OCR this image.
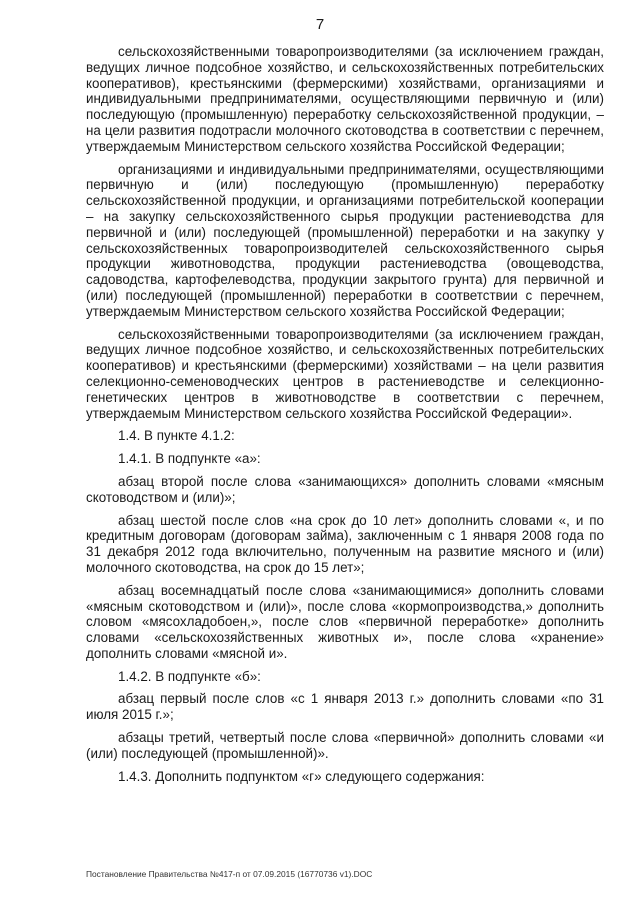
7

сельскохозяйственными товаропроизводителями (за исключением граждан, ведущих личное подсобное хозяйство, и сельскохозяйственных потребительских кооперативов), крестьянскими (фермерскими) хозяйствами, организациями и индивидуальными предпринимателями, осуществляющими первичную и (или) последующую (промышленную) переработку сельскохозяйственной продукции, – на цели развития подотрасли молочного скотоводства в соответствии с перечнем, утверждаемым Министерством сельского хозяйства Российской Федерации;

организациями и индивидуальными предпринимателями, осуществляющими первичную и (или) последующую (промышленную) переработку сельскохозяйственной продукции, и организациями потребительской кооперации – на закупку сельскохозяйственного сырья продукции растениеводства для первичной и (или) последующей (промышленной) переработки и на закупку у сельскохозяйственных товаропроизводителей сельскохозяйственного сырья продукции животноводства, продукции растениеводства (овощеводства, садоводства, картофелеводства, продукции закрытого грунта) для первичной и (или) последующей (промышленной) переработки в соответствии с перечнем, утверждаемым Министерством сельского хозяйства Российской Федерации;

сельскохозяйственными товаропроизводителями (за исключением граждан, ведущих личное подсобное хозяйство, и сельскохозяйственных потребительских кооперативов) и крестьянскими (фермерскими) хозяйствами – на цели развития селекционно-семеноводческих центров в растениеводстве и селекционно-генетических центров в животноводстве в соответствии с перечнем, утверждаемым Министерством сельского хозяйства Российской Федерации».

1.4. В пункте 4.1.2:

1.4.1. В подпункте «а»:

абзац второй после слова «занимающихся» дополнить словами «мясным скотоводством и (или)»;

абзац шестой после слов «на срок до 10 лет» дополнить словами «, и по кредитным договорам (договорам займа), заключенным с 1 января 2008 года по 31 декабря 2012 года включительно, полученным на развитие мясного и (или) молочного скотоводства, на срок до 15 лет»;

абзац восемнадцатый после слова «занимающимися» дополнить словами «мясным скотоводством и (или)», после слова «кормопроизводства,» дополнить словом «мясохладобоен,», после слов «первичной переработке» дополнить словами «сельскохозяйственных животных и», после слова «хранение» дополнить словами «мясной и».

1.4.2. В подпункте «б»:

абзац первый после слов «с 1 января 2013 г.» дополнить словами «по 31 июля 2015 г.»;

абзацы третий, четвертый после слова «первичной» дополнить словами «и (или) последующей (промышленной)».

1.4.3. Дополнить подпунктом «г» следующего содержания:

Постановление Правительства №417-п от 07.09.2015 (16770736 v1).DOC
